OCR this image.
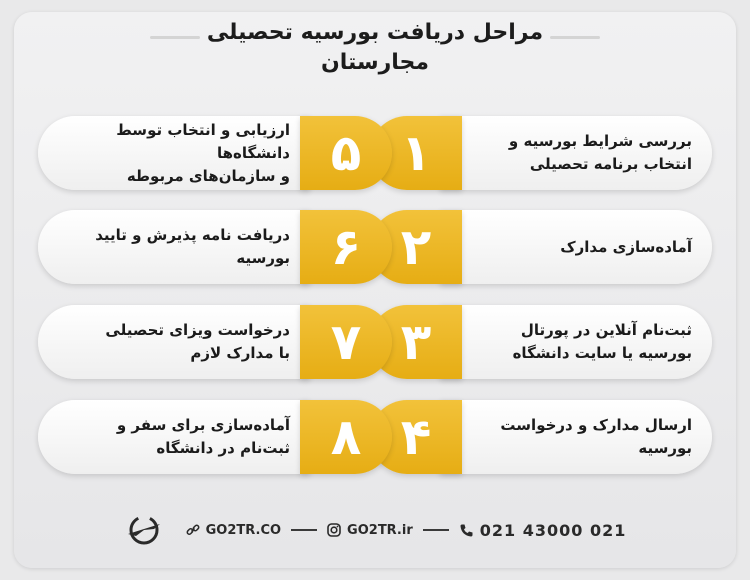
مراحل دریافت بورسیه تحصیلی
مجارستان
بررسی شرایط بورسیه و
انتخاب برنامه تحصیلی
۱
آماده‌سازی مدارک
۲
ثبت‌نام آنلاین در پورتال
بورسیه یا سایت دانشگاه
۳
ارسال مدارک و درخواست بورسیه
۴
ارزیابی و انتخاب توسط دانشگاه‌ها
و سازمان‌های مربوطه	۵
دریافت نامه پذیرش و تایید بورسیه ۶
درخواست ویزای تحصیلی
با مدارک لازم	۷
آماده‌سازی برای سفر و
ثبت‌نام در دانشگاه	۸
GO2TR.CO	GO2TR.ir	021 43000 021
